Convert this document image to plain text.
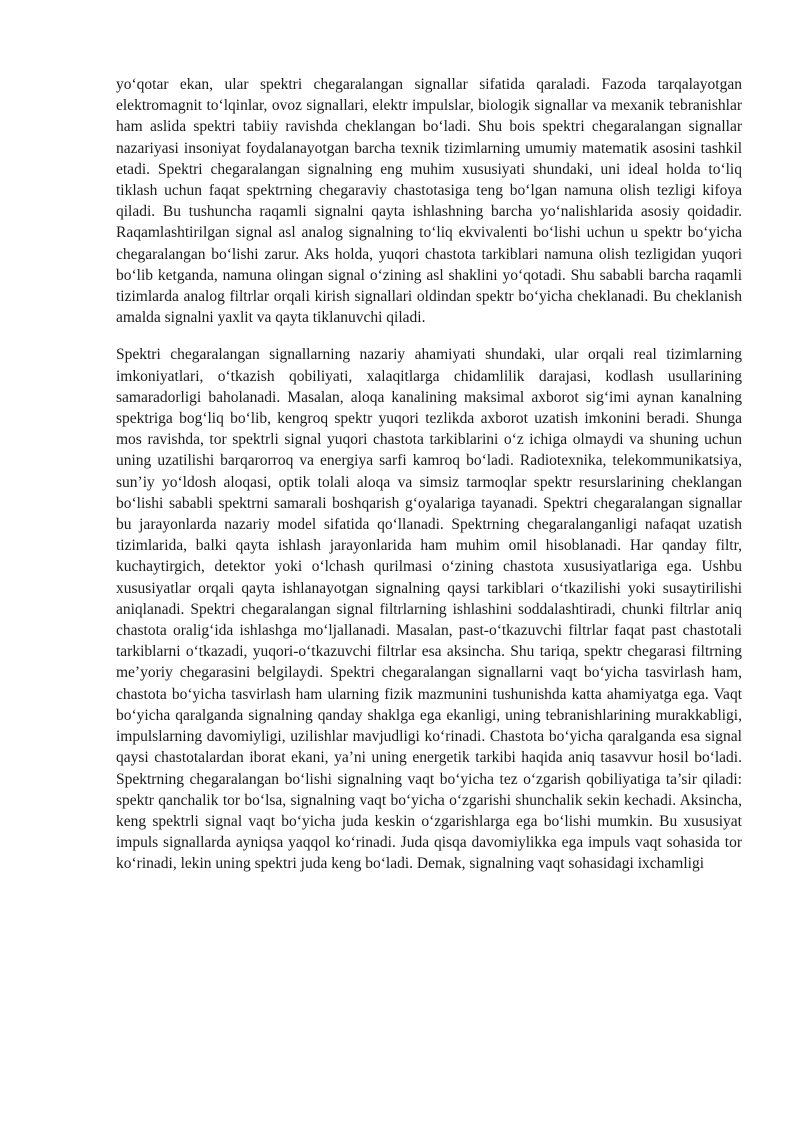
yo‘qotar ekan, ular spektri chegaralangan signallar sifatida qaraladi. Fazoda tarqalayotgan elektromagnit to‘lqinlar, ovoz signallari, elektr impulslar, biologik signallar va mexanik tebranishlar ham aslida spektri tabiiy ravishda cheklangan bo‘ladi. Shu bois spektri chegaralangan signallar nazariyasi insoniyat foydalanayotgan barcha texnik tizimlarning umumiy matematik asosini tashkil etadi. Spektri chegaralangan signalning eng muhim xususiyati shundaki, uni ideal holda to‘liq tiklash uchun faqat spektrning chegaraviy chastotasiga teng bo‘lgan namuna olish tezligi kifoya qiladi. Bu tushuncha raqamli signalni qayta ishlashning barcha yo‘nalishlarida asosiy qoidadir. Raqamlashtirilgan signal asl analog signalning to‘liq ekvivalenti bo‘lishi uchun u spektr bo‘yicha chegaralangan bo‘lishi zarur. Aks holda, yuqori chastota tarkiblari namuna olish tezligidan yuqori bo‘lib ketganda, namuna olingan signal o‘zining asl shaklini yo‘qotadi. Shu sababli barcha raqamli tizimlarda analog filtrlar orqali kirish signallari oldindan spektr bo‘yicha cheklanadi. Bu cheklanish amalda signalni yaxlit va qayta tiklanuvchi qiladi.

Spektri chegaralangan signallarning nazariy ahamiyati shundaki, ular orqali real tizimlarning imkoniyatlari, o‘tkazish qobiliyati, xalaqitlarga chidamlilik darajasi, kodlash usullarining samaradorligi baholanadi. Masalan, aloqa kanalining maksimal axborot sig‘imi aynan kanalning spektriga bog‘liq bo‘lib, kengroq spektr yuqori tezlikda axborot uzatish imkonini beradi. Shunga mos ravishda, tor spektrli signal yuqori chastota tarkiblarini o‘z ichiga olmaydi va shuning uchun uning uzatilishi barqarorroq va energiya sarfi kamroq bo‘ladi. Radiotexnika, telekommunikatsiya, sun’iy yo‘ldosh aloqasi, optik tolali aloqa va simsiz tarmoqlar spektr resurslarining cheklangan bo‘lishi sababli spektrni samarali boshqarish g‘oyalariga tayanadi. Spektri chegaralangan signallar bu jarayonlarda nazariy model sifatida qo‘llanadi. Spektrning chegaralanganligi nafaqat uzatish tizimlarida, balki qayta ishlash jarayonlarida ham muhim omil hisoblanadi. Har qanday filtr, kuchaytirgich, detektor yoki o‘lchash qurilmasi o‘zining chastota xususiyatlariga ega. Ushbu xususiyatlar orqali qayta ishlanayotgan signalning qaysi tarkiblari o‘tkazilishi yoki susaytirilishi aniqlanadi. Spektri chegaralangan signal filtrlarning ishlashini soddalashtiradi, chunki filtrlar aniq chastota oralig‘ida ishlashga mo‘ljallanadi. Masalan, past-o‘tkazuvchi filtrlar faqat past chastotali tarkiblarni o‘tkazadi, yuqori-o‘tkazuvchi filtrlar esa aksincha. Shu tariqa, spektr chegarasi filtrning me’yoriy chegarasini belgilaydi. Spektri chegaralangan signallarni vaqt bo‘yicha tasvirlash ham, chastota bo‘yicha tasvirlash ham ularning fizik mazmunini tushunishda katta ahamiyatga ega. Vaqt bo‘yicha qaralganda signalning qanday shaklga ega ekanligi, uning tebranishlarining murakkabligi, impulslarning davomiyligi, uzilishlar mavjudligi ko‘rinadi. Chastota bo‘yicha qaralganda esa signal qaysi chastotalardan iborat ekani, ya’ni uning energetik tarkibi haqida aniq tasavvur hosil bo‘ladi. Spektrning chegaralangan bo‘lishi signalning vaqt bo‘yicha tez o‘zgarish qobiliyatiga ta’sir qiladi: spektr qanchalik tor bo‘lsa, signalning vaqt bo‘yicha o‘zgarishi shunchalik sekin kechadi. Aksincha, keng spektrli signal vaqt bo‘yicha juda keskin o‘zgarishlarga ega bo‘lishi mumkin. Bu xususiyat impuls signallarda ayniqsa yaqqol ko‘rinadi. Juda qisqa davomiylikka ega impuls vaqt sohasida tor ko‘rinadi, lekin uning spektri juda keng bo‘ladi. Demak, signalning vaqt sohasidagi ixchamligi
